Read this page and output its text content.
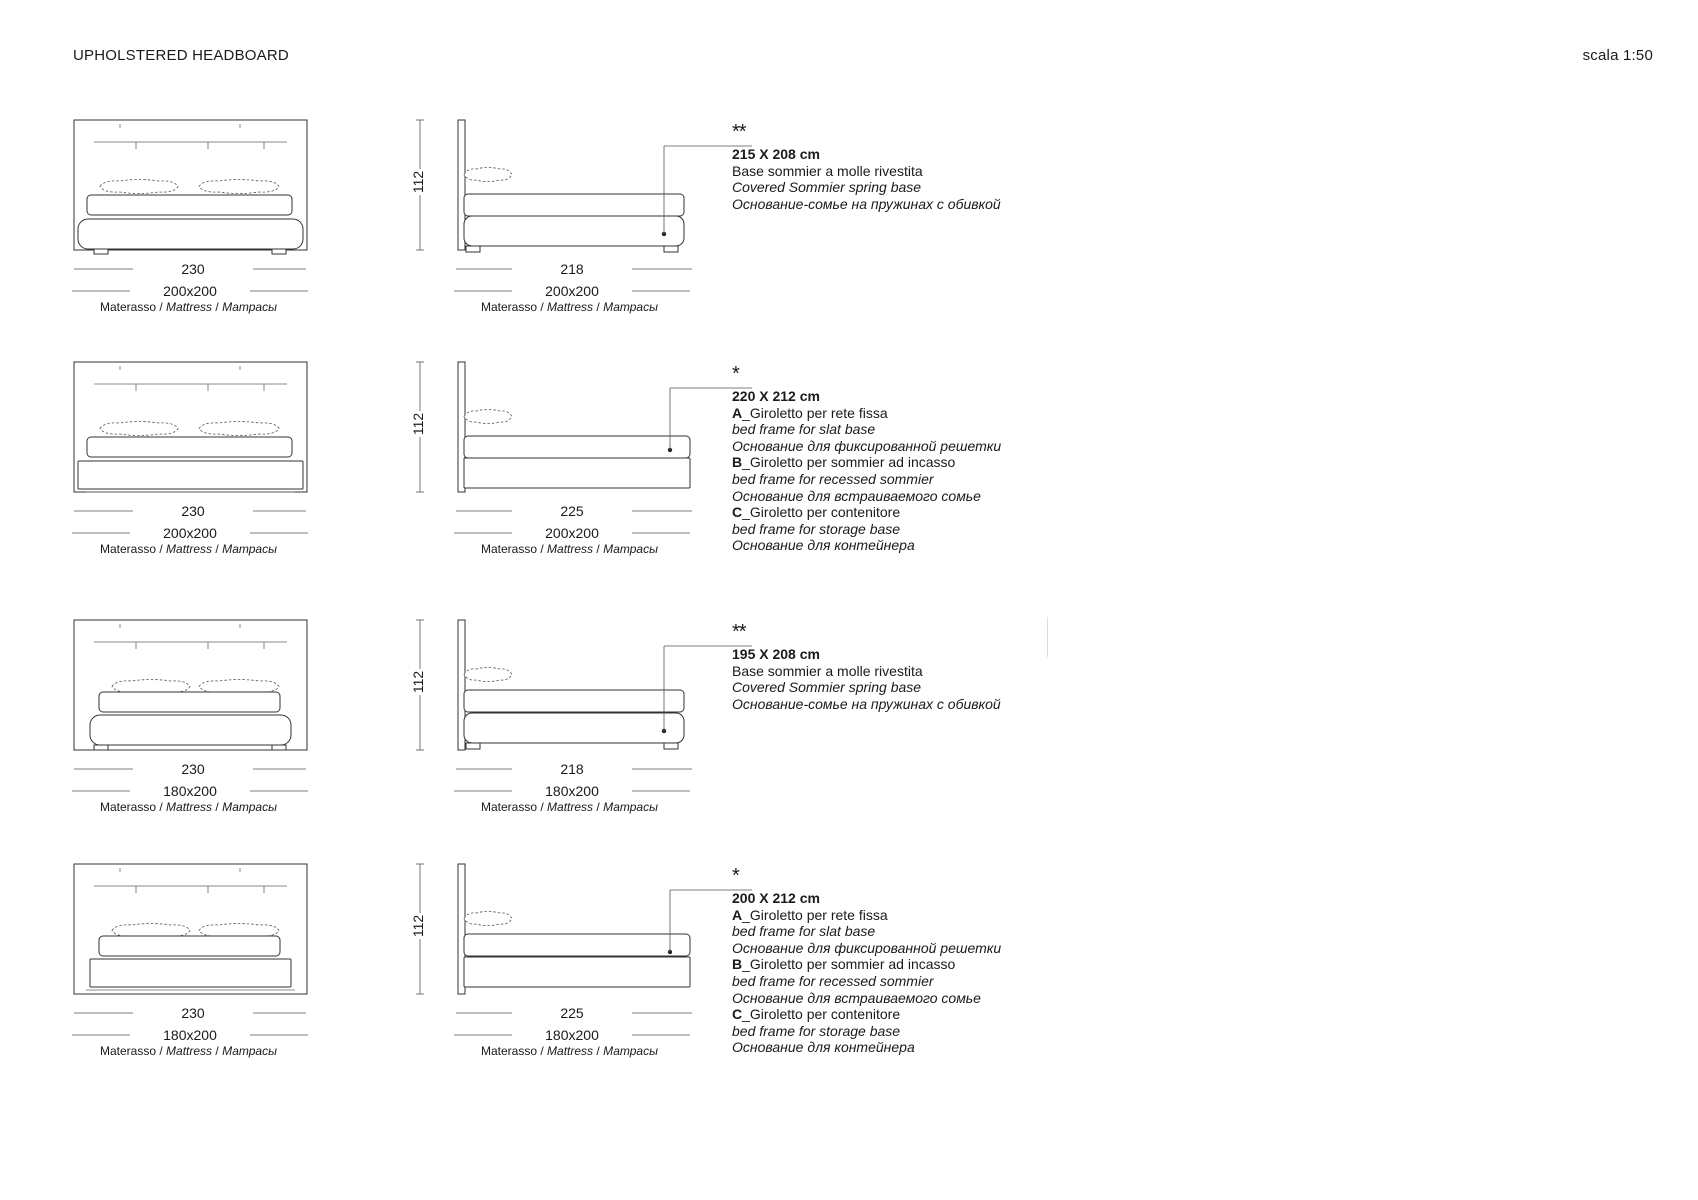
UPHOLSTERED HEADBOARD	scala 1:50
230
200x200
218
200x200
112
Materasso / Mattress / Матрасы	Materasso / Mattress / Матрасы
**
215 X 208 cm
Base sommier a molle rivestita
Covered Sommier spring base
Основание-сомье на пружинах с обивкой
230
200x200
225
200x200
112
Materasso / Mattress / Матрасы	Materasso / Mattress / Матрасы
*
220 X 212 cm
A_Giroletto per rete fissa
bed frame for slat base
Основание для фиксированной решетки
B_Giroletto per sommier ad incasso
bed frame for recessed sommier
Основание для встраиваемого сомье
C_Giroletto per contenitore
bed frame for storage base
Основание для контейнера
230
180x200
218
180x200
112
Materasso / Mattress / Матрасы	Materasso / Mattress / Матрасы
**
195 X 208 cm
Base sommier a molle rivestita
Covered Sommier spring base
Основание-сомье на пружинах с обивкой
230
180x200
225
180x200
112
Materasso / Mattress / Матрасы	Materasso / Mattress / Матрасы
*
200 X 212 cm
A_Giroletto per rete fissa
bed frame for slat base
Основание для фиксированной решетки
B_Giroletto per sommier ad incasso
bed frame for recessed sommier
Основание для встраиваемого сомье
C_Giroletto per contenitore
bed frame for storage base
Основание для контейнера
